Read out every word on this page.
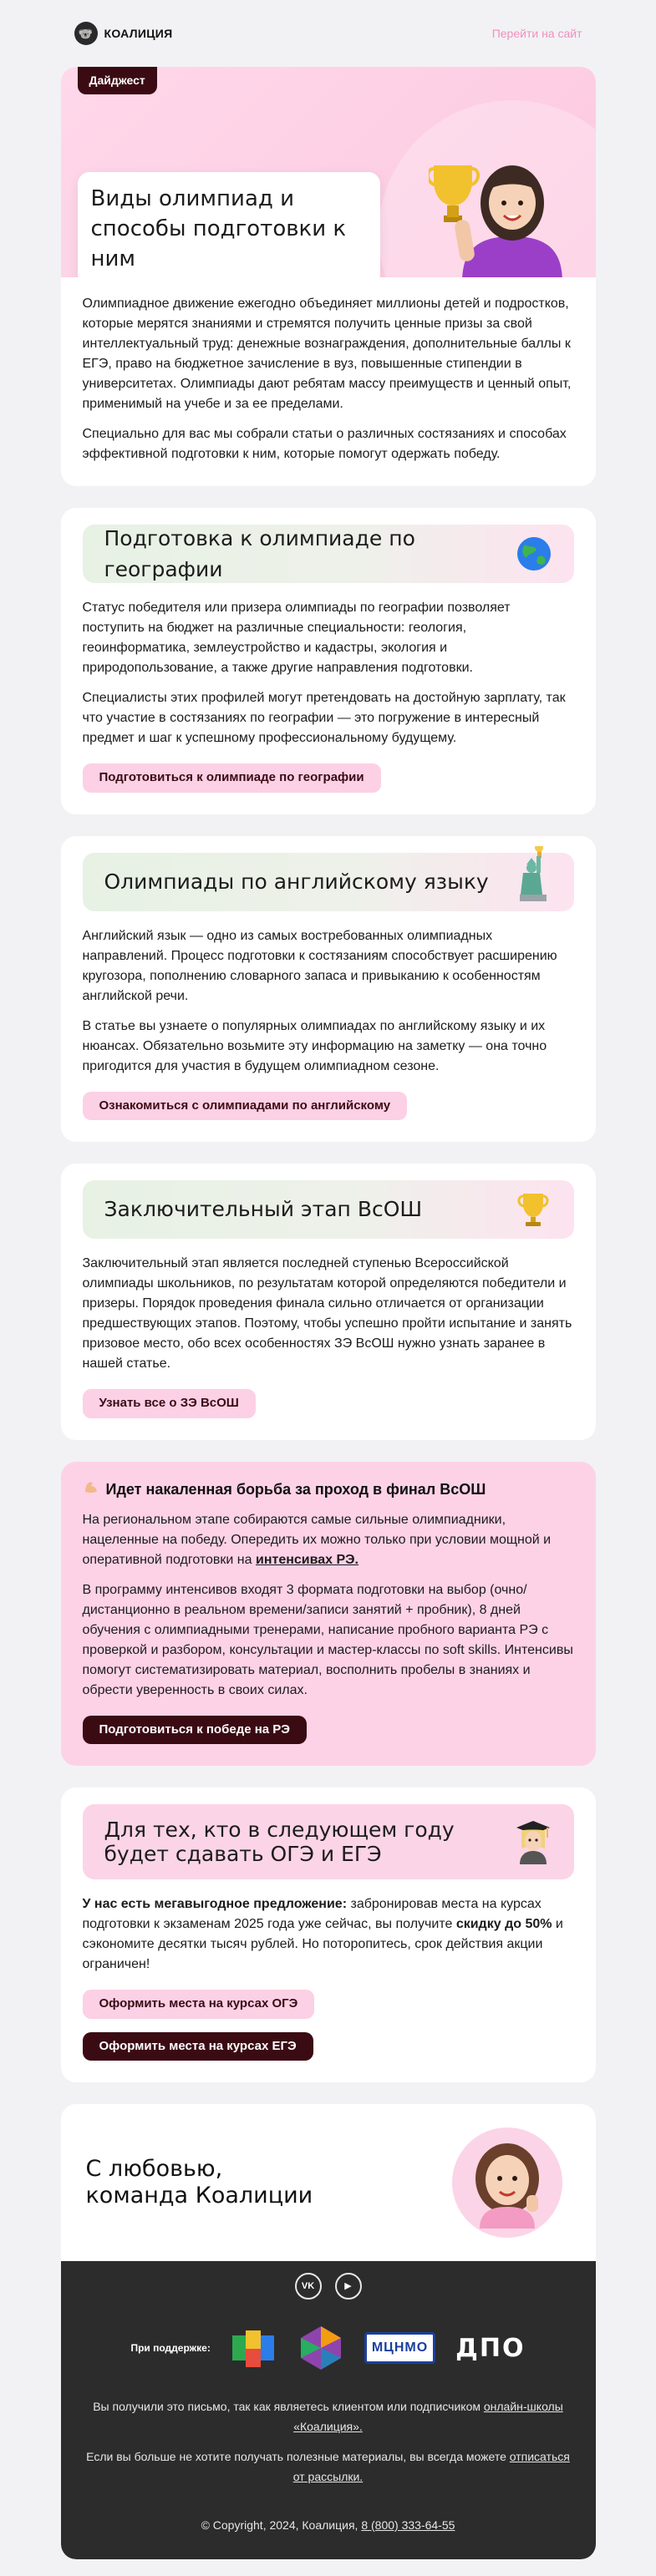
🐨 КОАЛИЦИЯ	Перейти на сайт
Дайджест
Виды олимпиад и способы подготовки к ним

Олимпиадное движение ежегодно объединяет миллионы детей и подростков, которые мерятся знаниями и стремятся получить ценные призы за свой интеллектуальный труд: денежные вознаграждения, дополнительные баллы к ЕГЭ, право на бюджетное зачисление в вуз, повышенные стипендии в университетах. Олимпиады дают ребятам массу преимуществ и ценный опыт, применимый на учебе и за ее пределами.

Специально для вас мы собрали статьи о различных состязаниях и способах эффективной подготовки к ним, которые помогут одержать победу.

Подготовка к олимпиаде по географии

Статус победителя или призера олимпиады по географии позволяет поступить на бюджет на различные специальности: геология, геоинформатика, землеустройство и кадастры, экология и природопользование, а также другие направления подготовки.

Специалисты этих профилей могут претендовать на достойную зарплату, так что участие в состязаниях по географии — это погружение в интересный предмет и шаг к успешному профессиональному будущему.

Подготовиться к олимпиаде по географии
Олимпиады по английскому языку

Английский язык — одно из самых востребованных олимпиадных направлений. Процесс подготовки к состязаниям способствует расширению кругозора, пополнению словарного запаса и привыканию к особенностям английской речи.

В статье вы узнаете о популярных олимпиадах по английскому языку и их нюансах. Обязательно возьмите эту информацию на заметку — она точно пригодится для участия в будущем олимпиадном сезоне.

Ознакомиться с олимпиадами по английскому
Заключительный этап ВсОШ

Заключительный этап является последней ступенью Всероссийской олимпиады школьников, по результатам которой определяются победители и призеры. Порядок проведения финала сильно отличается от организации предшествующих этапов. Поэтому, чтобы успешно пройти испытание и занять призовое место, обо всех особенностях ЗЭ ВсОШ нужно узнать заранее в нашей статье.

Узнать все о ЗЭ ВсОШ
Идет накаленная борьба за проход в финал ВсОШ

На региональном этапе собираются самые сильные олимпиадники, нацеленные на победу. Опередить их можно только при условии мощной и оперативной подготовки на интенсивах РЭ.

В программу интенсивов входят 3 формата подготовки на выбор (очно/дистанционно в реальном времени/записи занятий + пробник), 8 дней обучения с олимпиадными тренерами, написание пробного варианта РЭ с проверкой и разбором, консультации и мастер-классы по soft skills. Интенсивы помогут систематизировать материал, восполнить пробелы в знаниях и обрести уверенность в своих силах.

Подготовиться к победе на РЭ
Для тех, кто в следующем году
будет сдавать ОГЭ и ЕГЭ

У нас есть мегавыгодное предложение: забронировав места на курсах подготовки к экзаменам 2025 года уже сейчас, вы получите скидку до 50% и сэкономите десятки тысяч рублей. Но поторопитесь, срок действия акции ограничен!

Оформить места на курсах ОГЭ
Оформить места на курсах ЕГЭ
С любовью,
команда Коалиции
VK	▶
При поддержке:	МЦНМО	ДПО

Вы получили это письмо, так как являетесь клиентом или подписчиком онлайн-школы «Коалиция».

Если вы больше не хотите получать полезные материалы, вы всегда можете отписаться от рассылки.

© Copyright, 2024, Коалиция, 8 (800) 333-64-55
